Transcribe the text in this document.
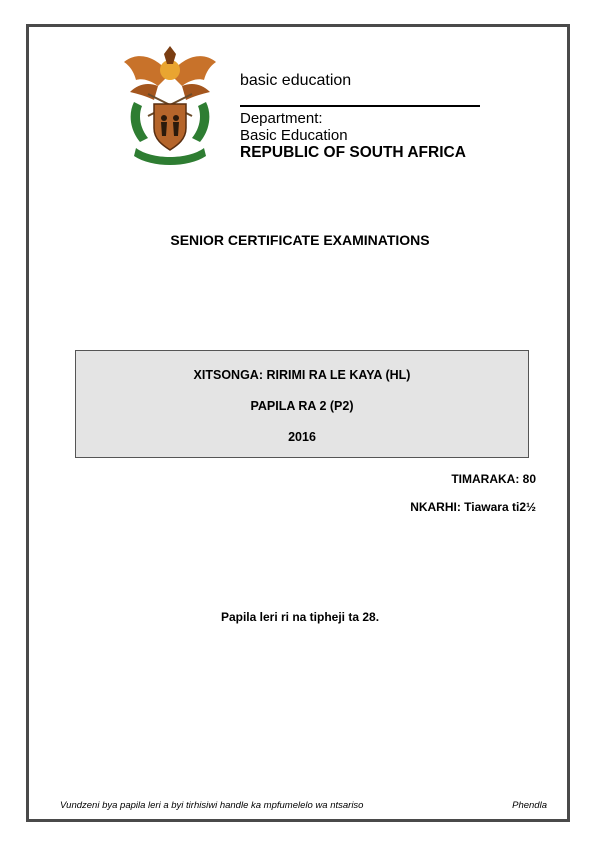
basic education
Department:
Basic Education
REPUBLIC OF SOUTH AFRICA
SENIOR CERTIFICATE EXAMINATIONS
XITSONGA: RIRIMI RA LE KAYA (HL)
PAPILA RA 2 (P2)
2016
TIMARAKA: 80
NKARHI: Tiawara ti2½
Papila leri ri na tipheji ta 28.
Vundzeni bya papila leri a byi tirhisiwi handle ka mpfumelelo wa ntsariso	Phendla
